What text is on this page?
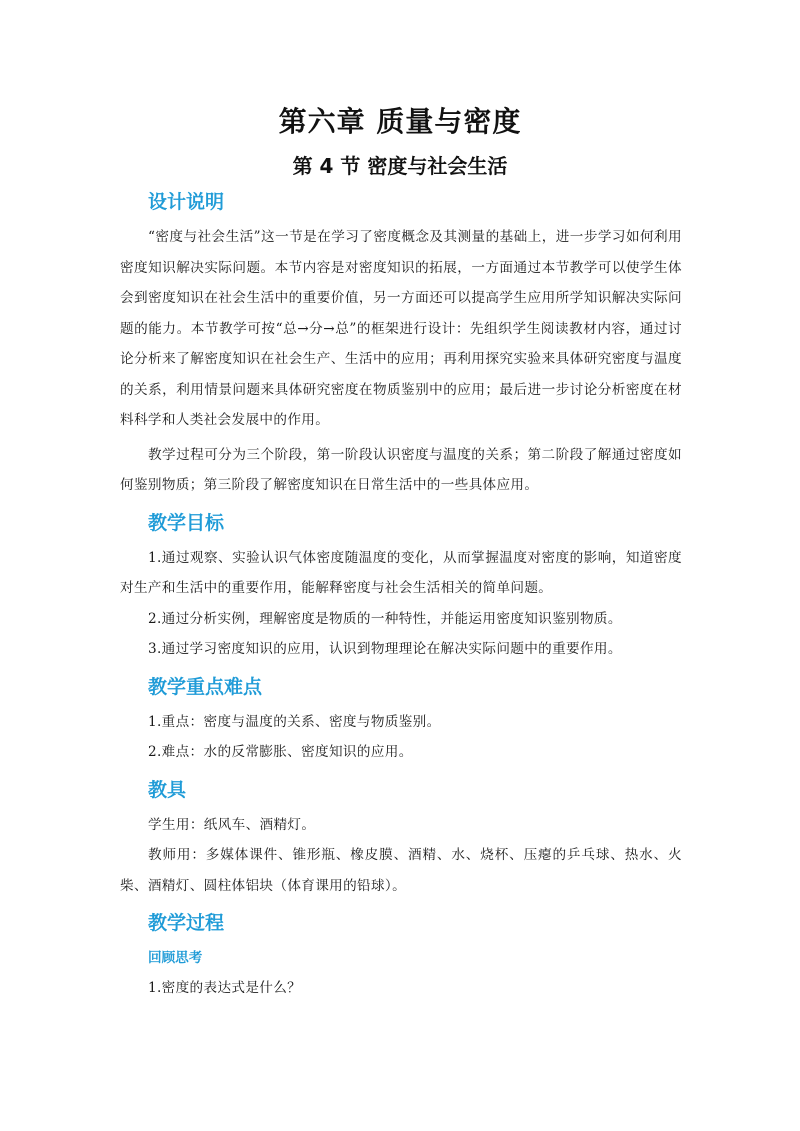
第六章 质量与密度
第 4 节 密度与社会生活
设计说明

“密度与社会生活”这一节是在学习了密度概念及其测量的基础上，进一步学习如何利用密度知识解决实际问题。本节内容是对密度知识的拓展，一方面通过本节教学可以使学生体会到密度知识在社会生活中的重要价值，另一方面还可以提高学生应用所学知识解决实际问题的能力。本节教学可按“总→分→总”的框架进行设计：先组织学生阅读教材内容，通过讨论分析来了解密度知识在社会生产、生活中的应用；再利用探究实验来具体研究密度与温度的关系，利用情景问题来具体研究密度在物质鉴别中的应用；最后进一步讨论分析密度在材料科学和人类社会发展中的作用。

教学过程可分为三个阶段，第一阶段认识密度与温度的关系；第二阶段了解通过密度如何鉴别物质；第三阶段了解密度知识在日常生活中的一些具体应用。

教学目标

1.通过观察、实验认识气体密度随温度的变化，从而掌握温度对密度的影响，知道密度对生产和生活中的重要作用，能解释密度与社会生活相关的简单问题。

2.通过分析实例，理解密度是物质的一种特性，并能运用密度知识鉴别物质。

3.通过学习密度知识的应用，认识到物理理论在解决实际问题中的重要作用。

教学重点难点

1.重点：密度与温度的关系、密度与物质鉴别。

2.难点：水的反常膨胀、密度知识的应用。

教具

学生用：纸风车、酒精灯。

教师用：多媒体课件、锥形瓶、橡皮膜、酒精、水、烧杯、压瘪的乒乓球、热水、火柴、酒精灯、圆柱体铝块（体育课用的铅球）。

教学过程

回顾思考

1.密度的表达式是什么？
